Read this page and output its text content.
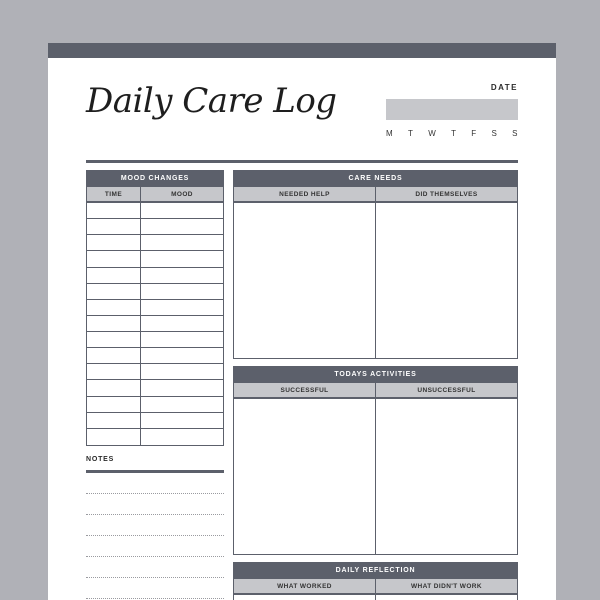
Daily Care Log	DATE
M T W T F S S
MOOD CHANGES
TIME	MOOD
NOTES
CARE NEEDS
NEEDED HELP	DID THEMSELVES
TODAYS ACTIVITIES
SUCCESSFUL	UNSUCCESSFUL
DAILY REFLECTION
WHAT WORKED	WHAT DIDN'T WORK
